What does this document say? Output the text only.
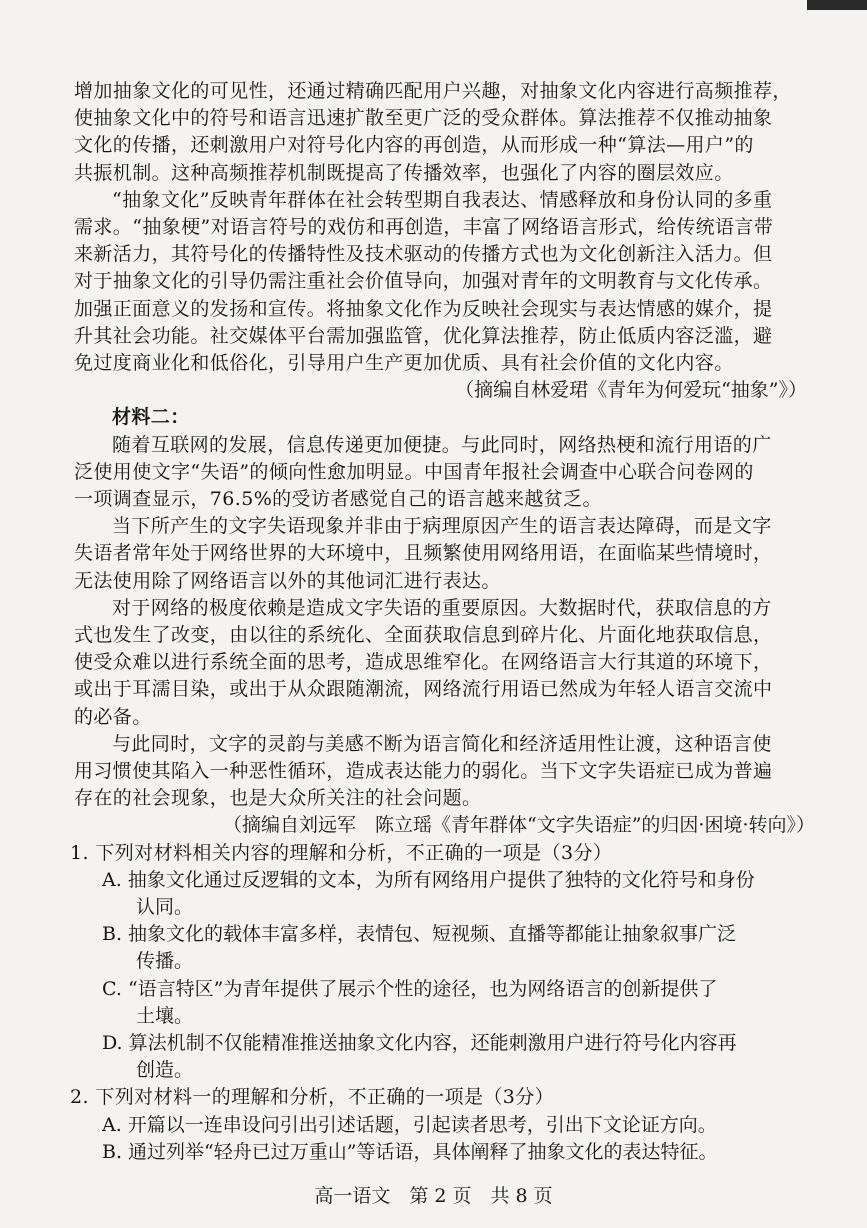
增加抽象文化的可见性，还通过精确匹配用户兴趣，对抽象文化内容进行高频推荐，
使抽象文化中的符号和语言迅速扩散至更广泛的受众群体。算法推荐不仅推动抽象
文化的传播，还刺激用户对符号化内容的再创造，从而形成一种“算法—用户”的
共振机制。这种高频推荐机制既提高了传播效率，也强化了内容的圈层效应。
“抽象文化”反映青年群体在社会转型期自我表达、情感释放和身份认同的多重
需求。“抽象梗”对语言符号的戏仿和再创造，丰富了网络语言形式，给传统语言带
来新活力，其符号化的传播特性及技术驱动的传播方式也为文化创新注入活力。但
对于抽象文化的引导仍需注重社会价值导向，加强对青年的文明教育与文化传承。
加强正面意义的发扬和宣传。将抽象文化作为反映社会现实与表达情感的媒介，提
升其社会功能。社交媒体平台需加强监管，优化算法推荐，防止低质内容泛滥，避
免过度商业化和低俗化，引导用户生产更加优质、具有社会价值的文化内容。
（摘编自林爱珺《青年为何爱玩“抽象”》）
材料二：
随着互联网的发展，信息传递更加便捷。与此同时，网络热梗和流行用语的广
泛使用使文字“失语”的倾向性愈加明显。中国青年报社会调查中心联合问卷网的
一项调查显示，76.5%的受访者感觉自己的语言越来越贫乏。
当下所产生的文字失语现象并非由于病理原因产生的语言表达障碍，而是文字
失语者常年处于网络世界的大环境中，且频繁使用网络用语，在面临某些情境时，
无法使用除了网络语言以外的其他词汇进行表达。
对于网络的极度依赖是造成文字失语的重要原因。大数据时代，获取信息的方
式也发生了改变，由以往的系统化、全面获取信息到碎片化、片面化地获取信息，
使受众难以进行系统全面的思考，造成思维窄化。在网络语言大行其道的环境下，
或出于耳濡目染，或出于从众跟随潮流，网络流行用语已然成为年轻人语言交流中
的必备。
与此同时，文字的灵韵与美感不断为语言简化和经济适用性让渡，这种语言使
用习惯使其陷入一种恶性循环，造成表达能力的弱化。当下文字失语症已成为普遍
存在的社会现象，也是大众所关注的社会问题。
（摘编自刘远军　陈立瑶《青年群体“文字失语症”的归因·困境·转向》）
1. 下列对材料相关内容的理解和分析，不正确的一项是（3分）
A. 抽象文化通过反逻辑的文本，为所有网络用户提供了独特的文化符号和身份
认同。
B. 抽象文化的载体丰富多样，表情包、短视频、直播等都能让抽象叙事广泛
传播。
C. “语言特区”为青年提供了展示个性的途径，也为网络语言的创新提供了
土壤。
D. 算法机制不仅能精准推送抽象文化内容，还能刺激用户进行符号化内容再
创造。
2. 下列对材料一的理解和分析，不正确的一项是（3分）
A. 开篇以一连串设问引出引述话题，引起读者思考，引出下文论证方向。
B. 通过列举“轻舟已过万重山”等话语，具体阐释了抽象文化的表达特征。
高一语文　第 2 页　共 8 页
